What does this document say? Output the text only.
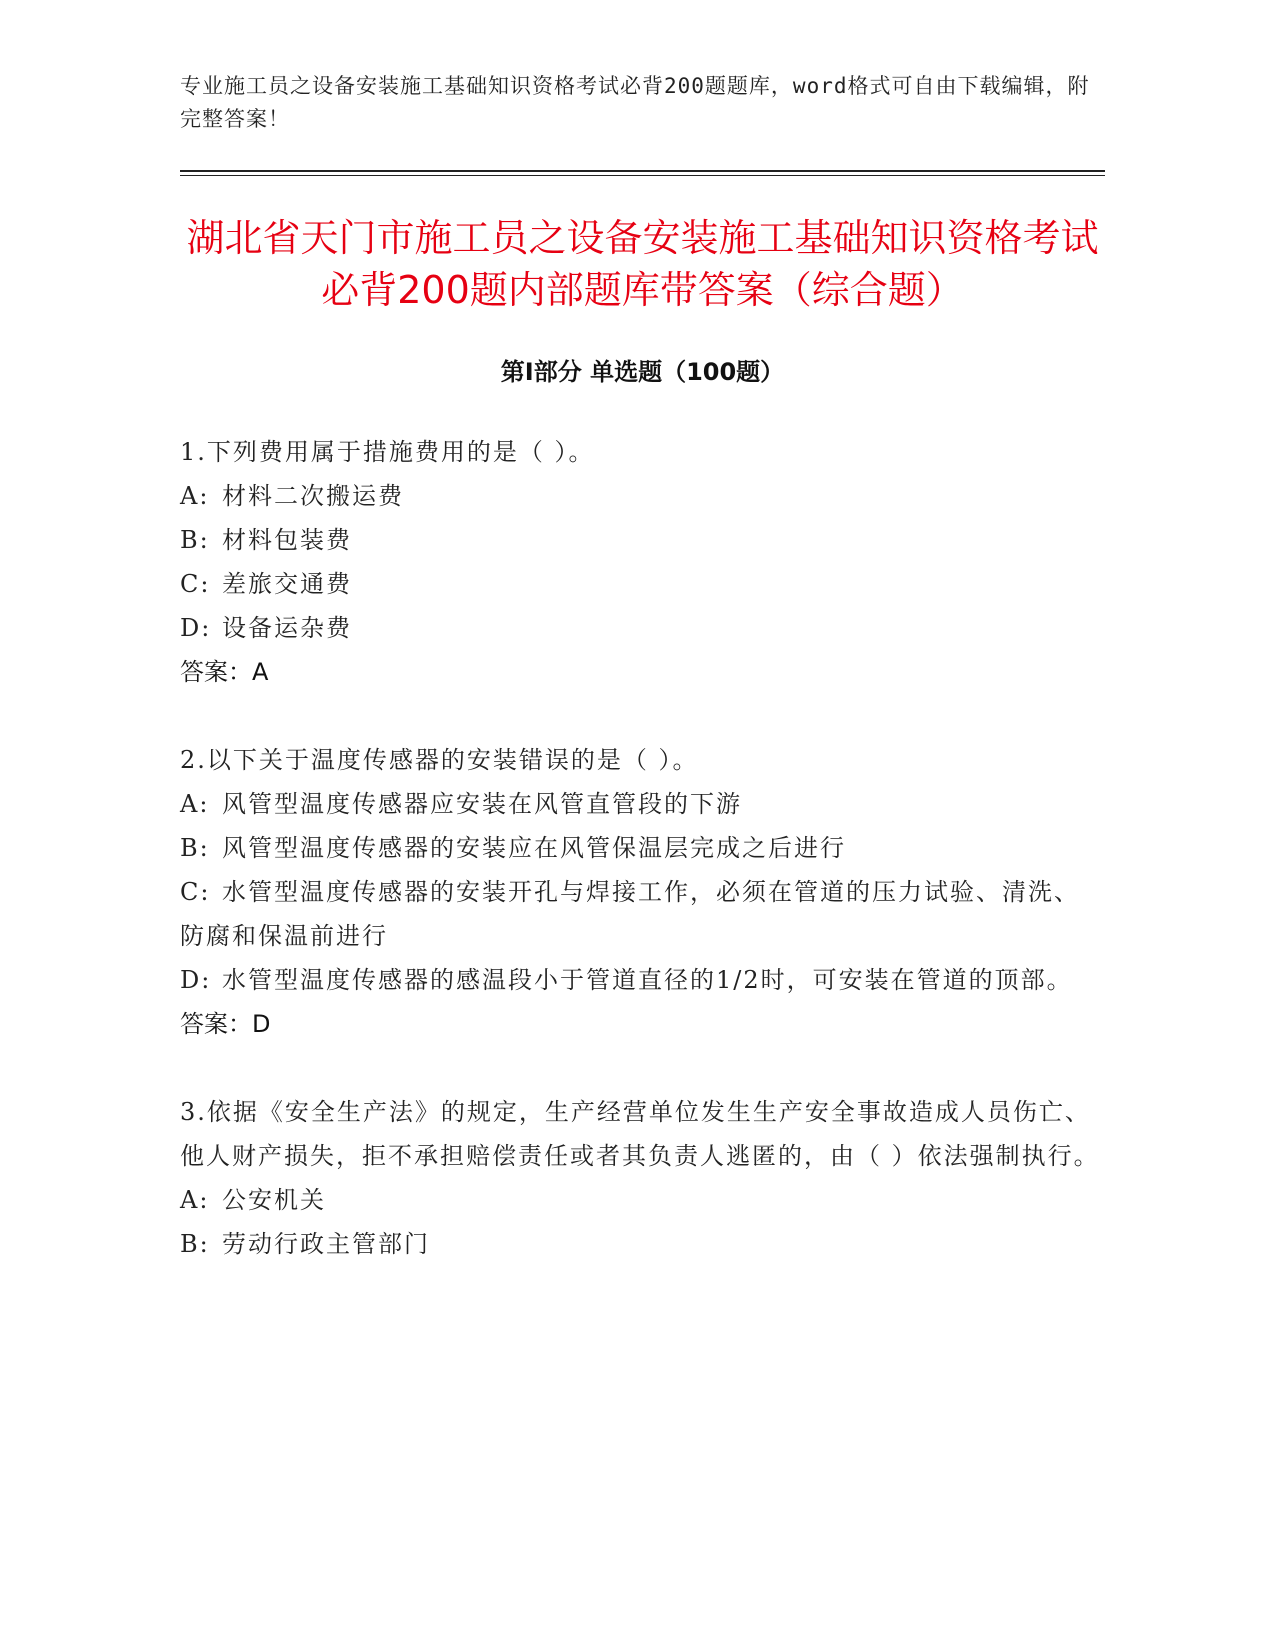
专业施工员之设备安装施工基础知识资格考试必背200题题库，word格式可自由下载编辑，附完整答案！

湖北省天门市施工员之设备安装施工基础知识资格考试必背200题内部题库带答案（综合题）
第I部分 单选题（100题）

1.下列费用属于措施费用的是（ ）。

A: 材料二次搬运费

B: 材料包装费

C: 差旅交通费

D: 设备运杂费

答案：A

2.以下关于温度传感器的安装错误的是（ ）。

A: 风管型温度传感器应安装在风管直管段的下游

B: 风管型温度传感器的安装应在风管保温层完成之后进行

C: 水管型温度传感器的安装开孔与焊接工作，必须在管道的压力试验、清洗、防腐和保温前进行

D: 水管型温度传感器的感温段小于管道直径的1/2时，可安装在管道的顶部。

答案：D

3.依据《安全生产法》的规定，生产经营单位发生生产安全事故造成人员伤亡、他人财产损失，拒不承担赔偿责任或者其负责人逃匿的，由（ ）依法强制执行。

A: 公安机关

B: 劳动行政主管部门
